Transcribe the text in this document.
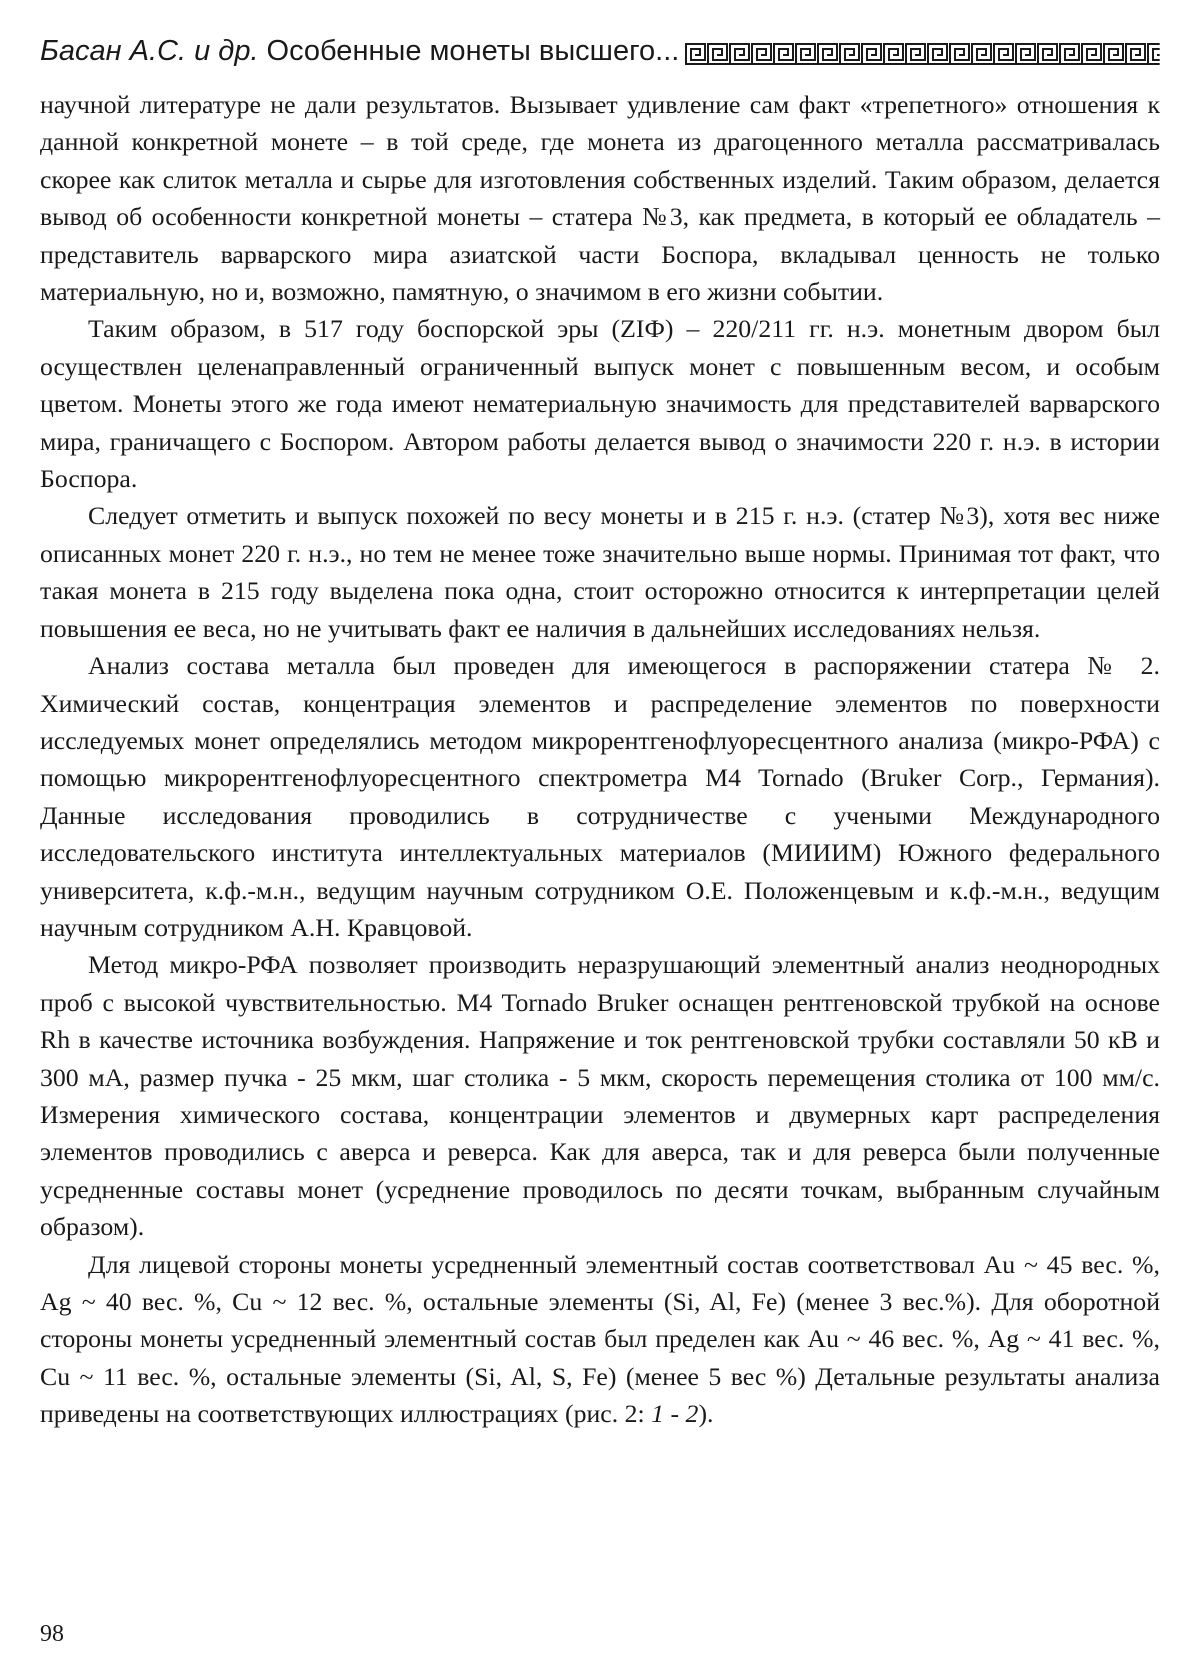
Басан А.С. и др. Особенные монеты высшего...

научной литературе не дали результатов. Вызывает удивление сам факт «трепетного» отношения к данной конкретной монете – в той среде, где монета из драгоценного металла рассматривалась скорее как слиток металла и сырье для изготовления собственных изделий. Таким образом, делается вывод об особенности конкретной монеты – статера №3, как предмета, в который ее обладатель – представитель варварского мира азиатской части Боспора, вкладывал ценность не только материальную, но и, возможно, памятную, о значимом в его жизни событии.

Таким образом, в 517 году боспорской эры (ZIФ) – 220/211 гг. н.э. монетным двором был осуществлен целенаправленный ограниченный выпуск монет с повышенным весом, и особым цветом. Монеты этого же года имеют нематериальную значимость для представителей варварского мира, граничащего с Боспором. Автором работы делается вывод о значимости 220 г. н.э. в истории Боспора.

Следует отметить и выпуск похожей по весу монеты и в 215 г. н.э. (статер №3), хотя вес ниже описанных монет 220 г. н.э., но тем не менее тоже значительно выше нормы. Принимая тот факт, что такая монета в 215 году выделена пока одна, стоит осторожно относится к интерпретации целей повышения ее веса, но не учитывать факт ее наличия в дальнейших исследованиях нельзя.

Анализ состава металла был проведен для имеющегося в распоряжении статера № 2. Химический состав, концентрация элементов и распределение элементов по поверхности исследуемых монет определялись методом микрорентгенофлуоресцентного анализа (микро-РФА) с помощью микрорентгенофлуоресцентного спектрометра M4 Tornado (Bruker Corp., Германия). Данные исследования проводились в сотрудничестве с учеными Международного исследовательского института интеллектуальных материалов (МИИИМ) Южного федерального университета, к.ф.-м.н., ведущим научным сотрудником О.Е. Положенцевым и к.ф.-м.н., ведущим научным сотрудником А.Н. Кравцовой.

Метод микро-РФА позволяет производить неразрушающий элементный анализ неоднородных проб с высокой чувствительностью. M4 Tornado Bruker оснащен рентгеновской трубкой на основе Rh в качестве источника возбуждения. Напряжение и ток рентгеновской трубки составляли 50 кВ и 300 мА, размер пучка - 25 мкм, шаг столика - 5 мкм, скорость перемещения столика от 100 мм/с. Измерения химического состава, концентрации элементов и двумерных карт распределения элементов проводились с аверса и реверса. Как для аверса, так и для реверса были полученные усредненные составы монет (усреднение проводилось по десяти точкам, выбранным случайным образом).

Для лицевой стороны монеты усредненный элементный состав соответствовал Au ~ 45 вес. %, Ag ~ 40 вес. %, Cu ~ 12 вес. %, остальные элементы (Si, Al, Fe) (менее 3 вес.%). Для оборотной стороны монеты усредненный элементный состав был пределен как Au ~ 46 вес. %, Ag ~ 41 вес. %, Cu ~ 11 вес. %, остальные элементы (Si, Al, S, Fe) (менее 5 вес %) Детальные результаты анализа приведены на соответствующих иллюстрациях (рис. 2: 1 - 2).

98
